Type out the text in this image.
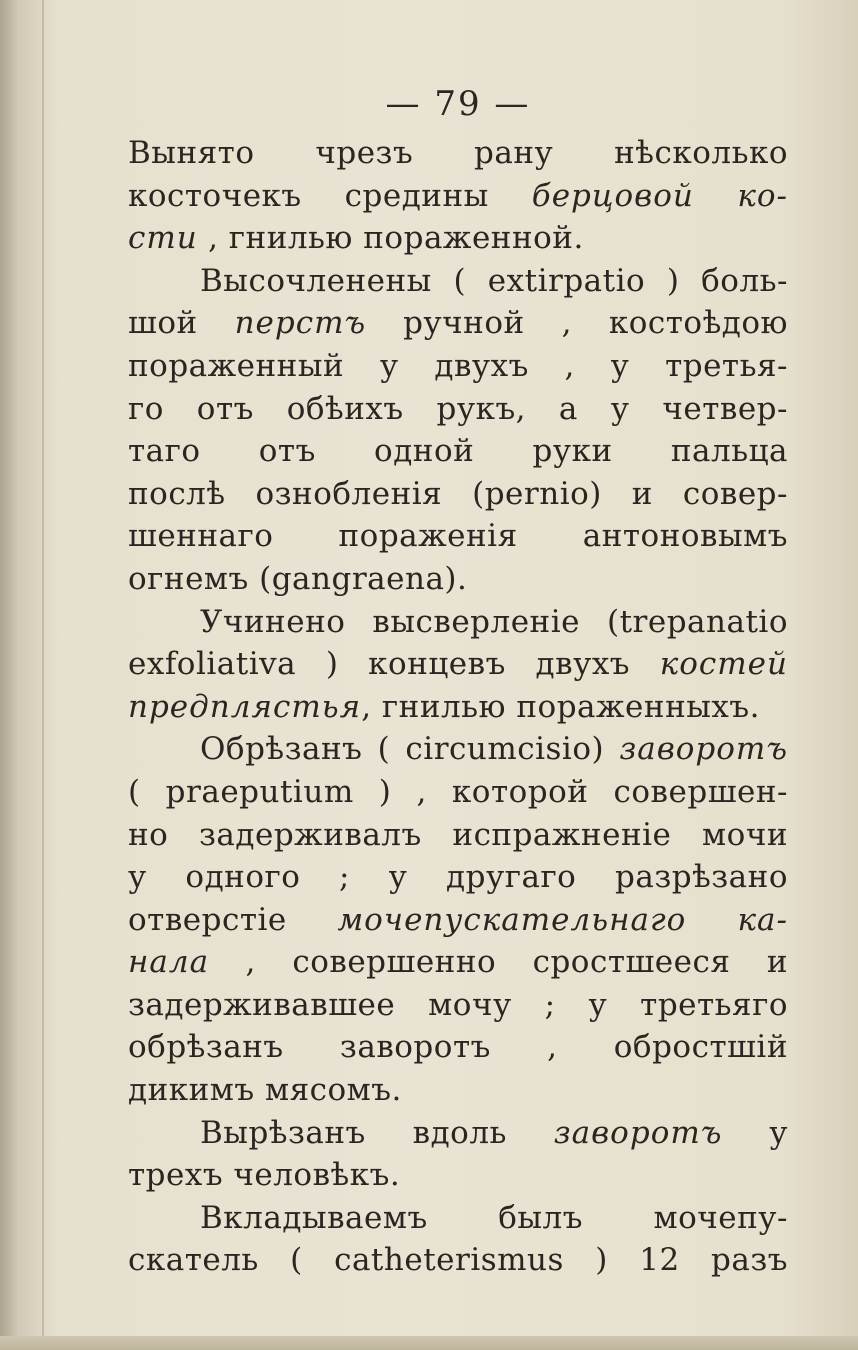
— 79 —
Вынято чрезъ рану нѣсколько
косточекъ средины берцовой ко-
сти , гнилью пораженной.
Высочленены ( extirpatio ) боль-
шой перстъ ручной , костоѣдою
пораженный у двухъ , у третья-
го отъ обѣихъ рукъ, а у четвер-
таго отъ одной руки пальца
послѣ ознобленія (pernio) и совер-
шеннаго пораженія антоновымъ
огнемъ (gangraena).
Учинено высверленіе (trepanatio
exfoliativa ) концевъ двухъ костей
предплястья, гнилью пораженныхъ.
Обрѣзанъ ( circumcisio) заворотъ
( praeputium ) , которой совершен-
но задерживалъ испражненіе мочи
у одного ; у другаго разрѣзано
отверстіе мочепускательнаго ка-
нала , совершенно сростшееся и
задерживавшее мочу ; у третьяго
обрѣзанъ заворотъ , обростшій
дикимъ мясомъ.
Вырѣзанъ вдоль заворотъ у
трехъ человѣкъ.
Вкладываемъ былъ мочепу-
скатель ( catheterismus ) 12 разъ
